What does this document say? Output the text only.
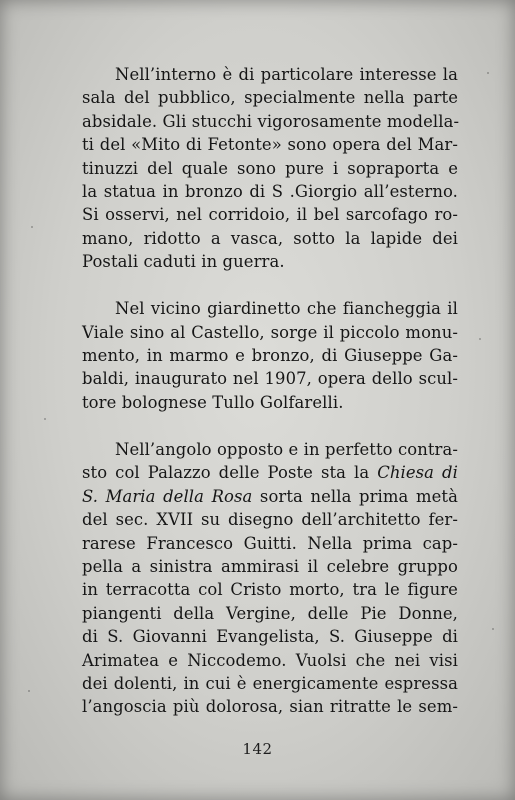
Nell’interno è di particolare interesse la
sala del pubblico, specialmente nella parte
absidale. Gli stucchi vigorosamente modella-
ti del «Mito di Fetonte» sono opera del Mar-
tinuzzi del quale sono pure i sopraporta e
la statua in bronzo di S .Giorgio all’esterno.
Si osservi, nel corridoio, il bel sarcofago ro-
mano, ridotto a vasca, sotto la lapide dei
Postali caduti in guerra.
Nel vicino giardinetto che fiancheggia il
Viale sino al Castello, sorge il piccolo monu-
mento, in marmo e bronzo, di Giuseppe Ga-
baldi, inaugurato nel 1907, opera dello scul-
tore bolognese Tullo Golfarelli.
Nell’angolo opposto e in perfetto contra-
sto col Palazzo delle Poste sta la Chiesa di
S. Maria della Rosa sorta nella prima metà
del sec. XVII su disegno dell’architetto fer-
rarese Francesco Guitti. Nella prima cap-
pella a sinistra ammirasi il celebre gruppo
in terracotta col Cristo morto, tra le figure
piangenti della Vergine, delle Pie Donne,
di S. Giovanni Evangelista, S. Giuseppe di
Arimatea e Niccodemo. Vuolsi che nei visi
dei dolenti, in cui è energicamente espressa
l’angoscia più dolorosa, sian ritratte le sem-
142
